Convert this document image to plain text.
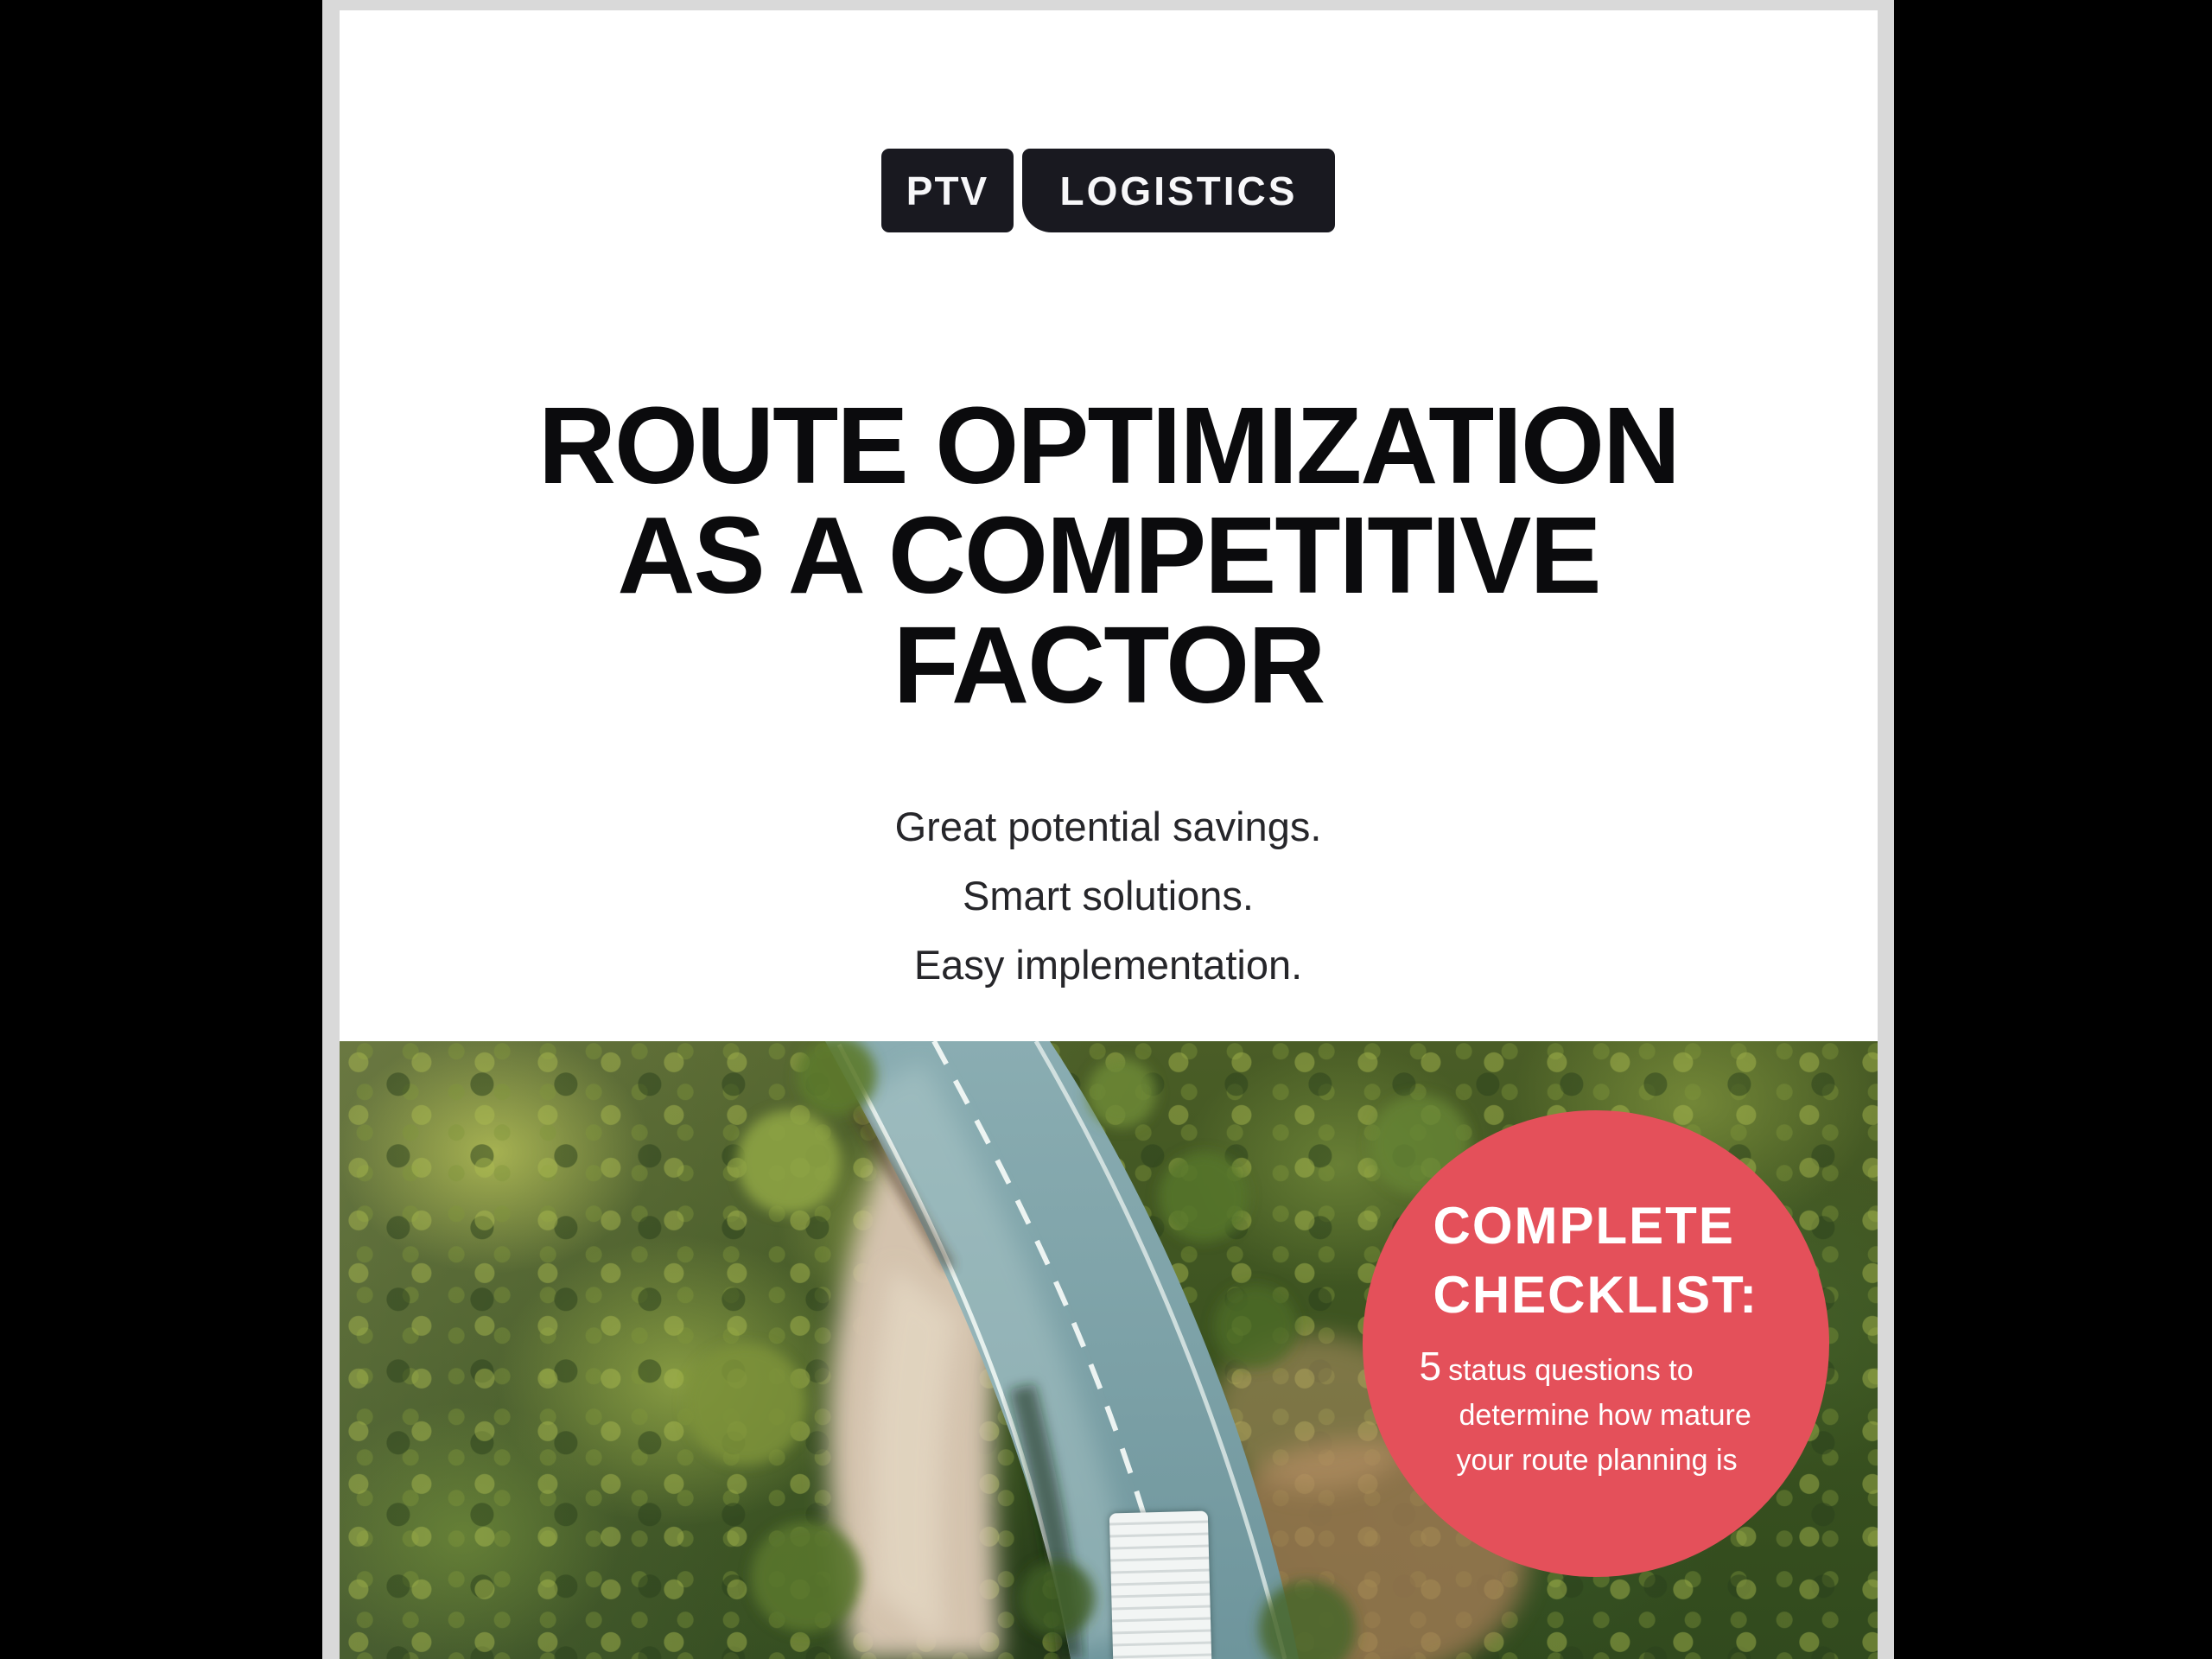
PTV LOGISTICS
ROUTE OPTIMIZATION
AS A COMPETITIVE
FACTOR
Great potential savings.
Smart solutions.
Easy implementation.
COMPLETE
CHECKLIST:
5 status questions to
determine how mature
your route planning is
